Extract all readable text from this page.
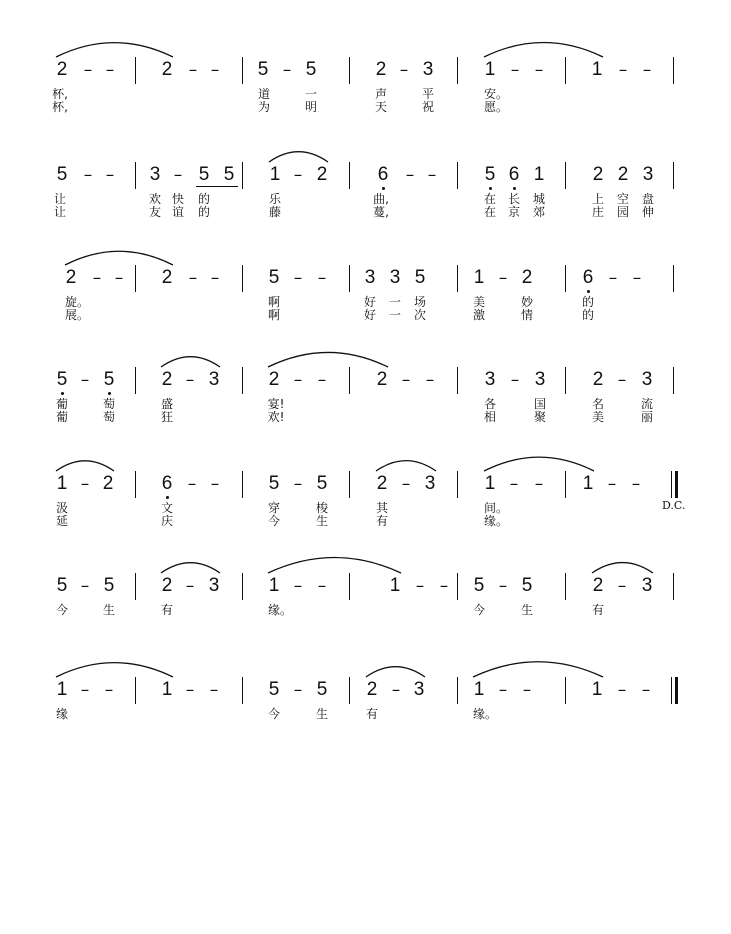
2 – –	2 – –	5 – 5	2 – 3	1 – –	1 – –
杯,	道	一	声	平	安。
杯,	为	明	天	祝	愿。
5 – –	3 – 5 5	1 – 2	6	– –	5 6 1	2 2 3
让	欢 快 的	乐	曲,	在 长 城	上 空 盘
让	友 谊 的	藤	蔓,	在 京 郊	庄 园 伸
2 – –	2 – –	5 – –	3 3 5	1 – 2	6 – –
旋。	啊	好 一 场	美	妙	的
展。	啊	好 一 次	激	情	的
5 – 5	2 – 3	2 – –	2 – –	3 – 3	2 – 3
葡	萄	盛	宴!	各	国	名	流
葡	萄	狂	欢!	相	聚	美	丽
1 – 2	6 – –	5 – 5	2 – 3	1 – –	1 – –
汲	文	穿	梭	其	间。
延	庆	今	生	有	缘。
D.C.
5 – 5	2 – 3	1 – –	1 – –	5 – 5	2 – 3
今	生	有	缘。	今	生	有
1 – –	1 – –	5 – 5	2 – 3	1 – –	1 – –
缘	今	生	有	缘。
